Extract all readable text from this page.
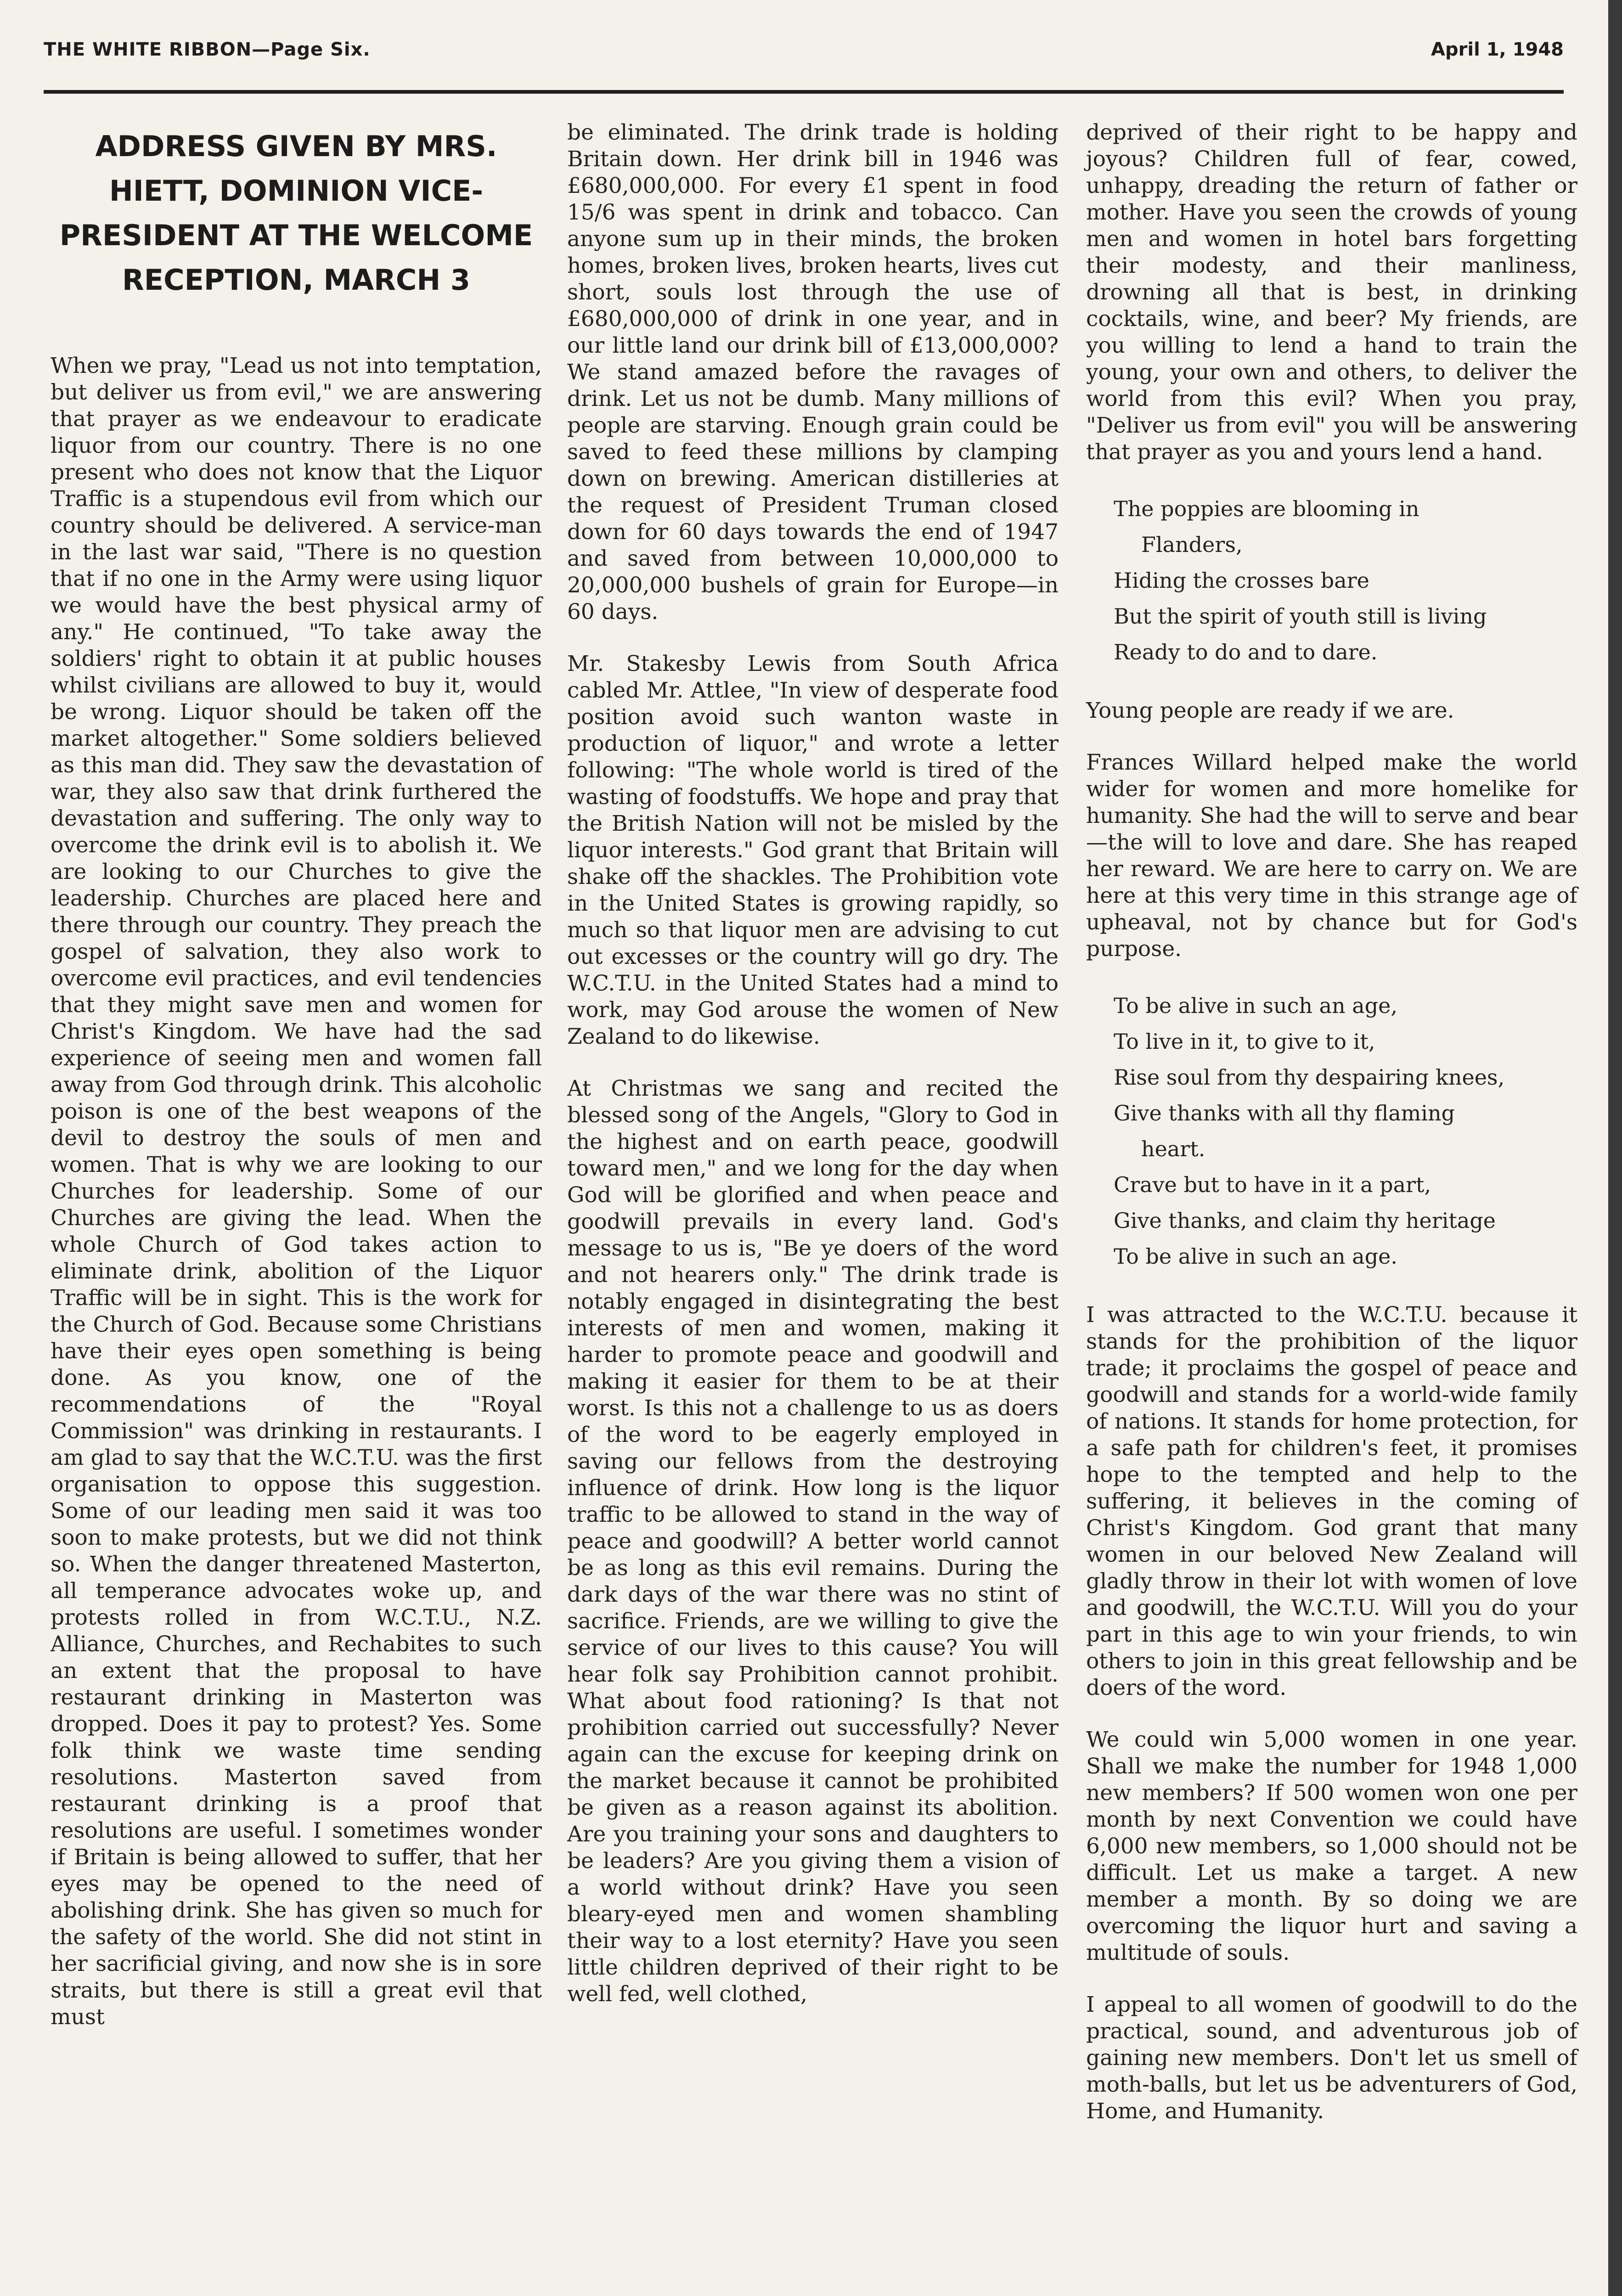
THE WHITE RIBBON—Page Six.	April 1, 1948
ADDRESS GIVEN BY MRS. HIETT, DOMINION VICE-PRESIDENT AT THE WELCOME RECEPTION, MARCH 3

When we pray, "Lead us not into temptation, but deliver us from evil," we are answering that prayer as we endeavour to eradicate liquor from our country. There is no one present who does not know that the Liquor Traffic is a stupendous evil from which our country should be delivered. A service-man in the last war said, "There is no question that if no one in the Army were using liquor we would have the best physical army of any." He continued, "To take away the soldiers' right to obtain it at public houses whilst civilians are allowed to buy it, would be wrong. Liquor should be taken off the market altogether." Some soldiers believed as this man did. They saw the devastation of war, they also saw that drink furthered the devastation and suffering. The only way to overcome the drink evil is to abolish it. We are looking to our Churches to give the leadership. Churches are placed here and there through our country. They preach the gospel of salvation, they also work to overcome evil practices, and evil tendencies that they might save men and women for Christ's Kingdom. We have had the sad experience of seeing men and women fall away from God through drink. This alcoholic poison is one of the best weapons of the devil to destroy the souls of men and women. That is why we are looking to our Churches for leadership. Some of our Churches are giving the lead. When the whole Church of God takes action to eliminate drink, abolition of the Liquor Traffic will be in sight. This is the work for the Church of God. Because some Christians have their eyes open something is being done. As you know, one of the recommendations of the "Royal Commission" was drinking in restaurants. I am glad to say that the W.C.T.U. was the first organisation to oppose this suggestion. Some of our leading men said it was too soon to make protests, but we did not think so. When the danger threatened Masterton, all temperance advocates woke up, and protests rolled in from W.C.T.U., N.Z. Alliance, Churches, and Rechabites to such an extent that the proposal to have restaurant drinking in Masterton was dropped. Does it pay to protest? Yes. Some folk think we waste time sending resolutions. Masterton saved from restaurant drinking is a proof that resolutions are useful. I sometimes wonder if Britain is being allowed to suffer, that her eyes may be opened to the need of abolishing drink. She has given so much for the safety of the world. She did not stint in her sacrificial giving, and now she is in sore straits, but there is still a great evil that must

be eliminated. The drink trade is holding Britain down. Her drink bill in 1946 was £680,000,000. For every £1 spent in food 15/6 was spent in drink and tobacco. Can anyone sum up in their minds, the broken homes, broken lives, broken hearts, lives cut short, souls lost through the use of £680,000,000 of drink in one year, and in our little land our drink bill of £13,000,000? We stand amazed before the ravages of drink. Let us not be dumb. Many millions of people are starving. Enough grain could be saved to feed these millions by clamping down on brewing. American distilleries at the request of President Truman closed down for 60 days towards the end of 1947 and saved from between 10,000,000 to 20,000,000 bushels of grain for Europe—in 60 days.

Mr. Stakesby Lewis from South Africa cabled Mr. Attlee, "In view of desperate food position avoid such wanton waste in production of liquor," and wrote a letter following: "The whole world is tired of the wasting of foodstuffs. We hope and pray that the British Nation will not be misled by the liquor interests." God grant that Britain will shake off the shackles. The Prohibition vote in the United States is growing rapidly, so much so that liquor men are advising to cut out excesses or the country will go dry. The W.C.T.U. in the United States had a mind to work, may God arouse the women of New Zealand to do likewise.

At Christmas we sang and recited the blessed song of the Angels, "Glory to God in the highest and on earth peace, goodwill toward men," and we long for the day when God will be glorified and when peace and goodwill prevails in every land. God's message to us is, "Be ye doers of the word and not hearers only." The drink trade is notably engaged in disintegrating the best interests of men and women, making it harder to promote peace and goodwill and making it easier for them to be at their worst. Is this not a challenge to us as doers of the word to be eagerly employed in saving our fellows from the destroying influence of drink. How long is the liquor traffic to be allowed to stand in the way of peace and goodwill? A better world cannot be as long as this evil remains. During the dark days of the war there was no stint of sacrifice. Friends, are we willing to give the service of our lives to this cause? You will hear folk say Prohibition cannot prohibit. What about food rationing? Is that not prohibition carried out successfully? Never again can the excuse for keeping drink on the market because it cannot be prohibited be given as a reason against its abolition. Are you training your sons and daughters to be leaders? Are you giving them a vision of a world without drink? Have you seen bleary-eyed men and women shambling their way to a lost eternity? Have you seen little children deprived of their right to be well fed, well clothed,

deprived of their right to be happy and joyous? Children full of fear, cowed, unhappy, dreading the return of father or mother. Have you seen the crowds of young men and women in hotel bars forgetting their modesty, and their manliness, drowning all that is best, in drinking cocktails, wine, and beer? My friends, are you willing to lend a hand to train the young, your own and others, to deliver the world from this evil? When you pray, "Deliver us from evil" you will be answering that prayer as you and yours lend a hand.

The poppies are blooming in
Flanders,
Hiding the crosses bare
But the spirit of youth still is living
Ready to do and to dare.

Young people are ready if we are.

Frances Willard helped make the world wider for women and more homelike for humanity. She had the will to serve and bear—the will to love and dare. She has reaped her reward. We are here to carry on. We are here at this very time in this strange age of upheaval, not by chance but for God's purpose.

To be alive in such an age,
To live in it, to give to it,
Rise soul from thy despairing knees,
Give thanks with all thy flaming
heart.
Crave but to have in it a part,
Give thanks, and claim thy heritage
To be alive in such an age.

I was attracted to the W.C.T.U. because it stands for the prohibition of the liquor trade; it proclaims the gospel of peace and goodwill and stands for a world-wide family of nations. It stands for home protection, for a safe path for children's feet, it promises hope to the tempted and help to the suffering, it believes in the coming of Christ's Kingdom. God grant that many women in our beloved New Zealand will gladly throw in their lot with women of love and goodwill, the W.C.T.U. Will you do your part in this age to win your friends, to win others to join in this great fellowship and be doers of the word.

We could win 5,000 women in one year. Shall we make the number for 1948 1,000 new members? If 500 women won one per month by next Convention we could have 6,000 new members, so 1,000 should not be difficult. Let us make a target. A new member a month. By so doing we are overcoming the liquor hurt and saving a multitude of souls.

I appeal to all women of goodwill to do the practical, sound, and adventurous job of gaining new members. Don't let us smell of moth-balls, but let us be adventurers of God, Home, and Humanity.
